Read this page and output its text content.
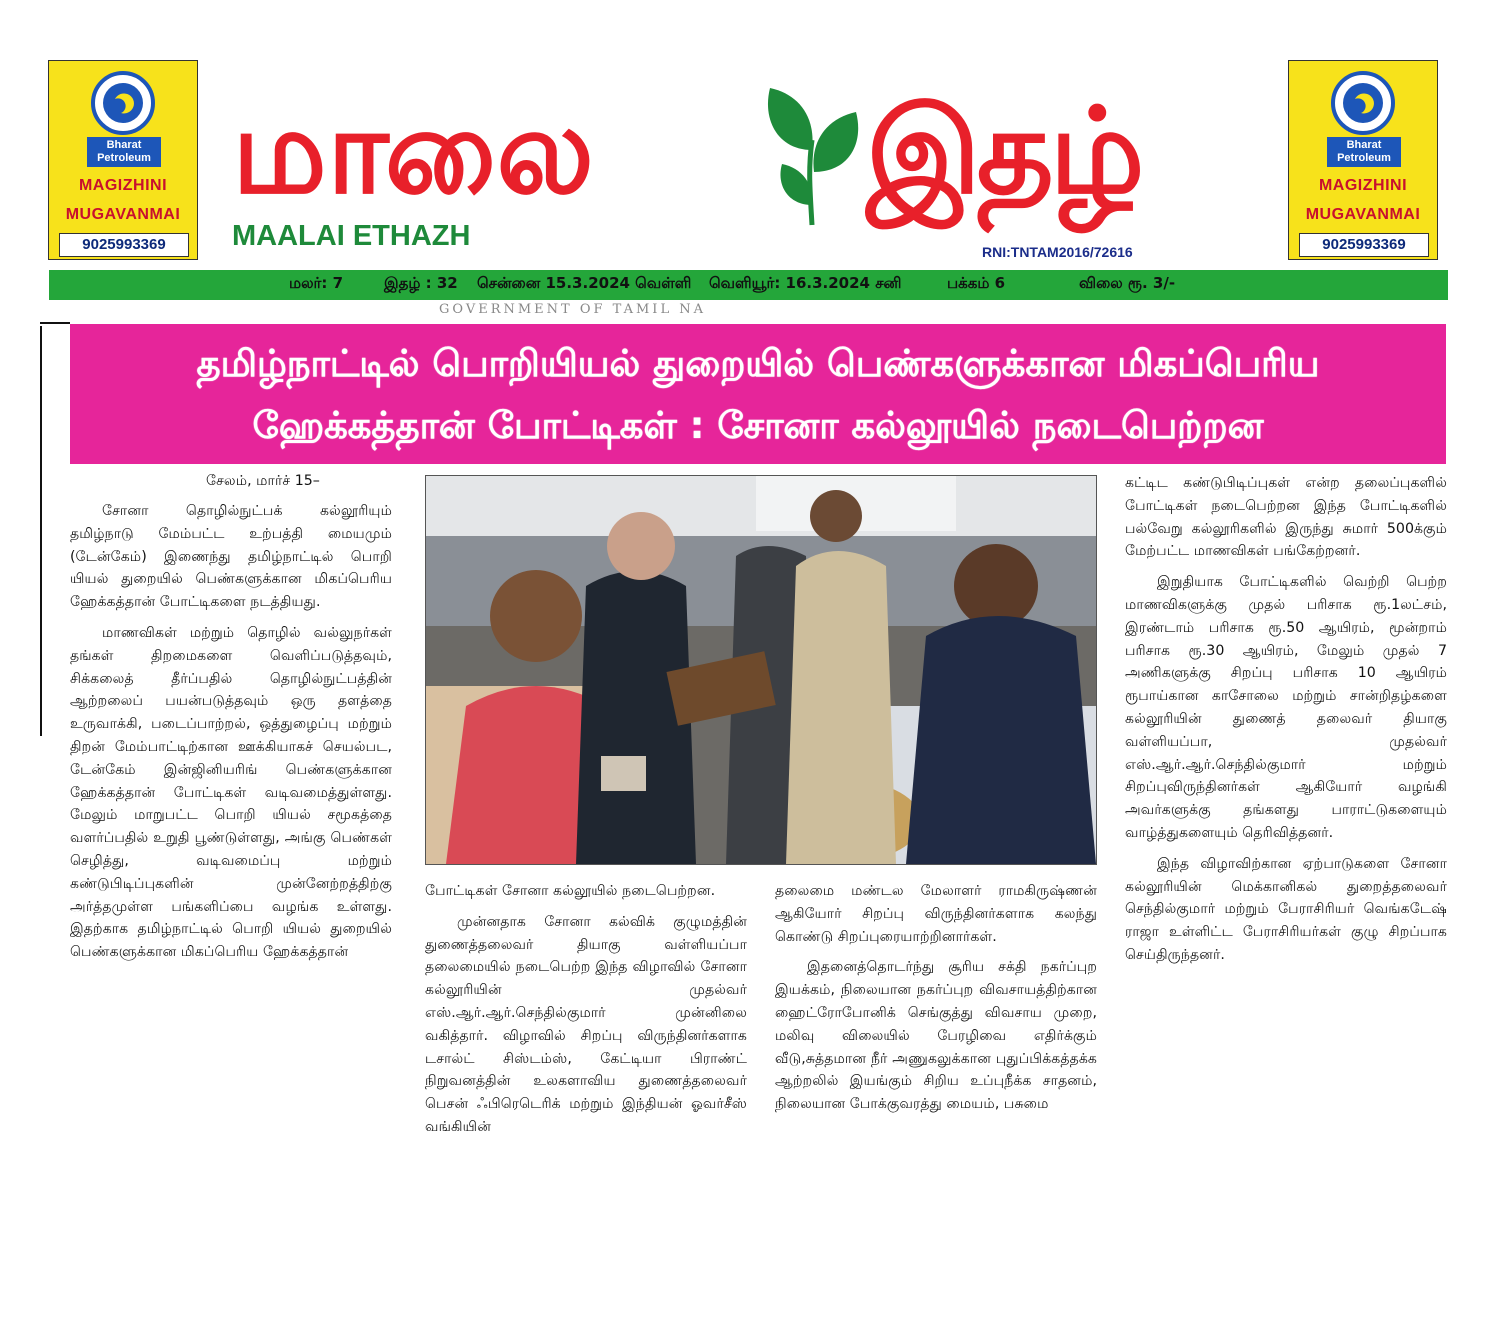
Bharat
Petroleum
MAGIZHINI
MUGAVANMAI
9025993369
Bharat
Petroleum
MAGIZHINI
MUGAVANMAI
9025993369
மாலை இதழ்
MAALAI ETHAZH	RNI:TNTAM2016/72616
மலர்: 7	இதழ் : 32 சென்னை 15.3.2024 வெள்ளி வெளியூர்: 16.3.2024 சனி	பக்கம் 6	விலை ரூ. 3/-
GOVERNMENT OF TAMIL NA
தமிழ்நாட்டில் பொறியியல் துறையில் பெண்களுக்கான மிகப்பெரிய
ஹேக்கத்தான் போட்டிகள் : சோனா கல்லூயில் நடைபெற்றன
சேலம், மார்ச் 15–

சோனா தொழில்நுட்பக் கல்லூரியும் தமிழ்நாடு மேம்பட்ட உற்பத்தி மையமும் (டேன்கேம்) இணைந்து தமிழ்நாட்டில் பொறி யியல் துறையில் பெண்களுக்கான மிகப்பெரிய ஹேக்கத்தான் போட்டிகளை நடத்தியது.

மாணவிகள் மற்றும் தொழில் வல்லுநர்கள் தங்கள் திறமைகளை வெளிப்படுத்தவும், சிக்கலைத் தீர்ப்பதில் தொழில்நுட்பத்தின் ஆற்றலைப் பயன்படுத்தவும் ஒரு தளத்தை உருவாக்கி, படைப்பாற்றல், ஒத்துழைப்பு மற்றும் திறன் மேம்பாட்டிற்கான ஊக்கியாகச் செயல்பட, டேன்கேம் இன்ஜினியரிங் பெண்களுக்கான ஹேக்கத்தான் போட்டிகள் வடிவமைத்துள்ளது. மேலும் மாறுபட்ட பொறி யியல் சமூகத்தை வளர்ப்பதில் உறுதி பூண்டுள்ளது, அங்கு பெண்கள் செழித்து, வடிவமைப்பு மற்றும் கண்டுபிடிப்புகளின் முன்னேற்றத்திற்கு அர்த்தமுள்ள பங்களிப்பை வழங்க உள்ளது. இதற்காக தமிழ்நாட்டில் பொறி யியல் துறையில் பெண்களுக்கான மிகப்பெரிய ஹேக்கத்தான்

போட்டிகள் சோனா கல்லூயில் நடைபெற்றன.

முன்னதாக சோனா கல்விக் குழுமத்தின் துணைத்தலைவர் தியாகு வள்ளியப்பா தலைமையில் நடைபெற்ற இந்த விழாவில் சோனா கல்லூரியின் முதல்வர் எஸ்.ஆர்.ஆர்.செந்தில்குமார் முன்னிலை வகித்தார். விழாவில் சிறப்பு விருந்தினர்களாக டசால்ட் சிஸ்டம்ஸ், கேட்டியா பிராண்ட் நிறுவனத்தின் உலகளாவிய துணைத்தலைவர் பெசன் ஃபிரெடெரிக் மற்றும் இந்தியன் ஓவர்சீஸ் வங்கியின்

தலைமை மண்டல மேலாளர் ராமகிருஷ்ணன் ஆகியோர் சிறப்பு விருந்தினர்களாக கலந்து கொண்டு சிறப்புரையாற்றினார்கள்.

இதனைத்தொடர்ந்து சூரிய சக்தி நகர்ப்புற இயக்கம், நிலையான நகர்ப்புற விவசாயத்திற்கான ஹைட்ரோபோனிக் செங்குத்து விவசாய முறை, மலிவு விலையில் பேரழிவை எதிர்க்கும் வீடு,சுத்தமான நீர் அணுகலுக்கான புதுப்பிக்கத்தக்க ஆற்றலில் இயங்கும் சிறிய உப்புநீக்க சாதனம், நிலையான போக்குவரத்து மையம், பசுமை

கட்டிட கண்டுபிடிப்புகள் என்ற தலைப்புகளில் போட்டிகள் நடைபெற்றன இந்த போட்டிகளில் பல்வேறு கல்லூரிகளில் இருந்து சுமார் 500க்கும் மேற்பட்ட மாணவிகள் பங்கேற்றனர்.

இறுதியாக போட்டிகளில் வெற்றி பெற்ற மாணவிகளுக்கு முதல் பரிசாக ரூ.1லட்சம், இரண்டாம் பரிசாக ரூ.50 ஆயிரம், மூன்றாம் பரிசாக ரூ.30 ஆயிரம், மேலும் முதல் 7 அணிகளுக்கு சிறப்பு பரிசாக 10 ஆயிரம் ரூபாய்கான காசோலை மற்றும் சான்றிதழ்களை கல்லூரியின் துணைத் தலைவர் தியாகு வள்ளியப்பா, முதல்வர் எஸ்.ஆர்.ஆர்.செந்தில்குமார் மற்றும் சிறப்புவிருந்தினர்கள் ஆகியோர் வழங்கி அவர்களுக்கு தங்களது பாராட்டுகளையும் வாழ்த்துகளையும் தெரிவித்தனர்.

இந்த விழாவிற்கான ஏற்பாடுகளை சோனா கல்லூரியின் மெக்கானிகல் துறைத்தலைவர் செந்தில்குமார் மற்றும் பேராசிரியர் வெங்கடேஷ் ராஜா உள்ளிட்ட பேராசிரியர்கள் குழு சிறப்பாக செய்திருந்தனர்.
